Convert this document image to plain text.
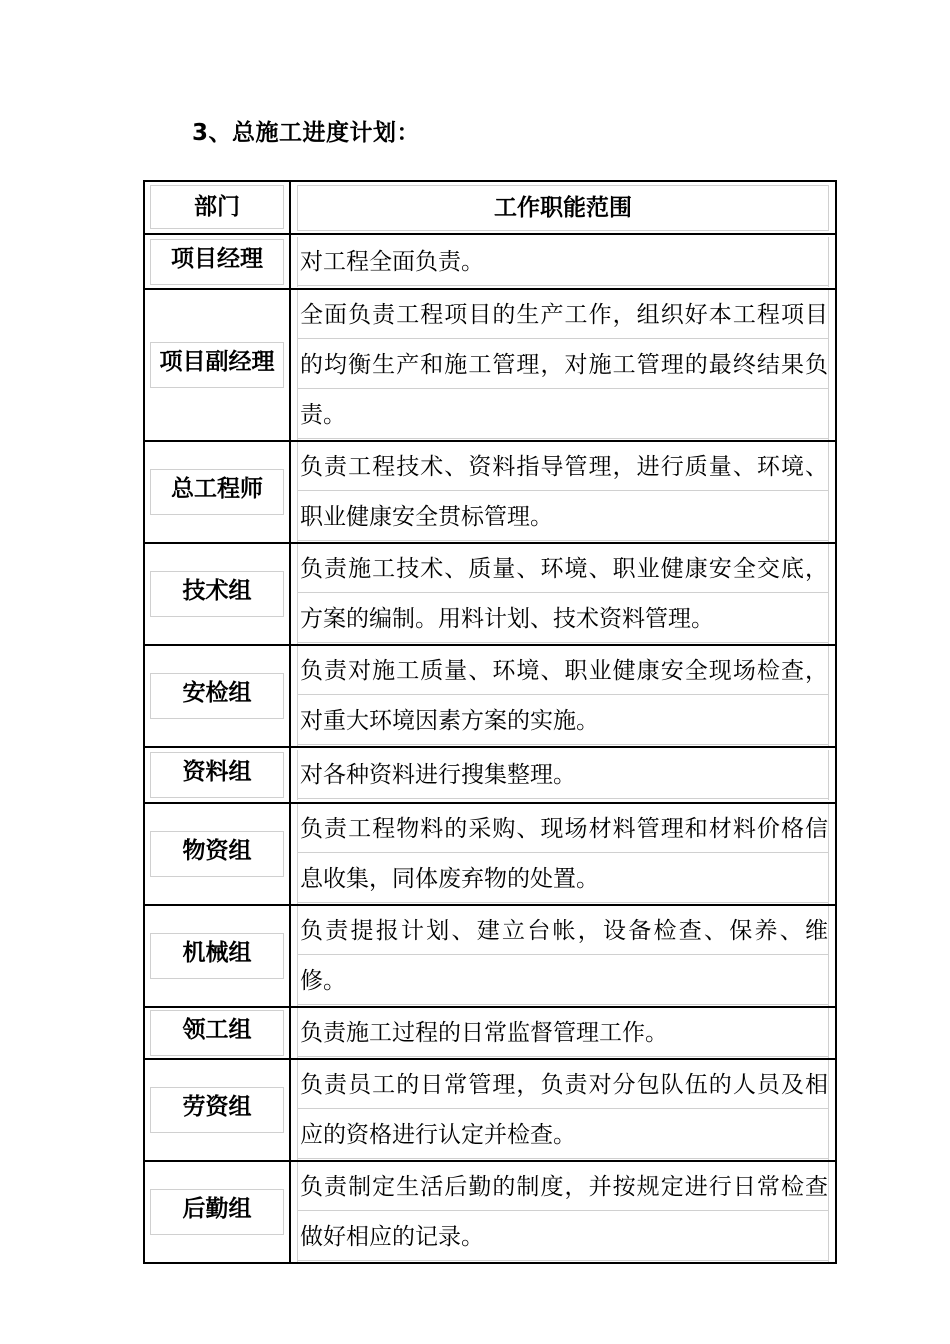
3、总施工进度计划：
部门	工作职能范围

项目经理	对工程全面负责。

项目副经理	全面负责工程项目的生产工作，组织好本工程项目的均衡生产和施工管理，对施工管理的最终结果负责。

总工程师	负责工程技术、资料指导管理，进行质量、环境、职业健康安全贯标管理。

技术组	负责施工技术、质量、环境、职业健康安全交底，方案的编制。用料计划、技术资料管理。

安检组	负责对施工质量、环境、职业健康安全现场检查，对重大环境因素方案的实施。

资料组	对各种资料进行搜集整理。

物资组	负责工程物料的采购、现场材料管理和材料价格信息收集，同体废弃物的处置。

机械组	负责提报计划、建立台帐，设备检查、保养、维修。

领工组	负责施工过程的日常监督管理工作。

劳资组	负责员工的日常管理，负责对分包队伍的人员及相应的资格进行认定并检查。

后勤组	负责制定生活后勤的制度，并按规定进行日常检查做好相应的记录。
